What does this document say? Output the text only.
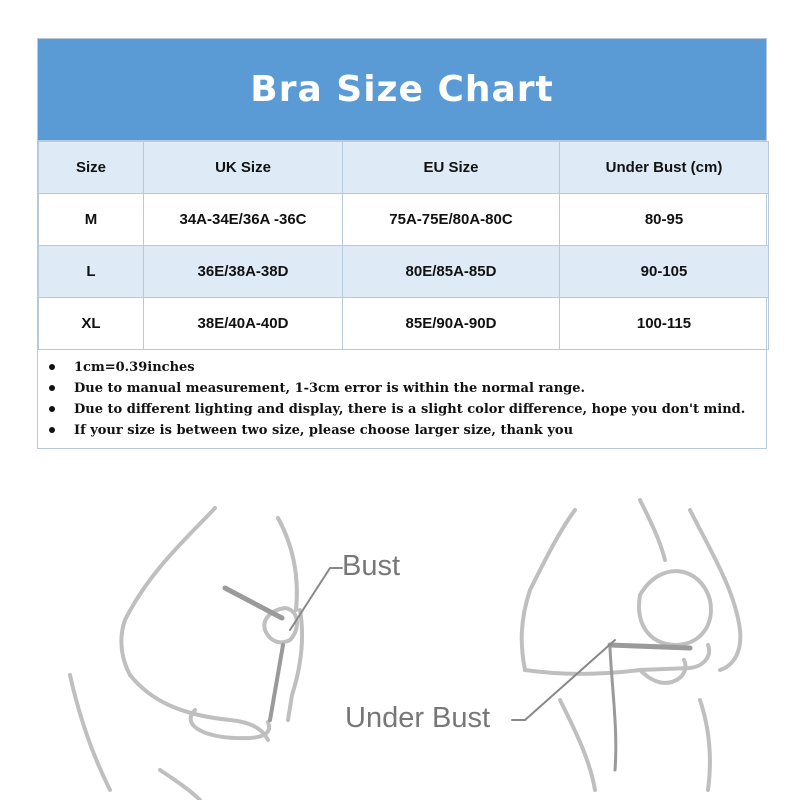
Bra Size Chart
Size	UK Size	EU Size	Under Bust (cm)
M	34A-34E/36A -36C	75A-75E/80A-80C	80-95
L	36E/38A-38D	80E/85A-85D	90-105
XL	38E/40A-40D	85E/90A-90D	100-115
1cm=0.39inches
Due to manual measurement, 1-3cm error is within the normal range.
Due to different lighting and display, there is a slight color difference, hope you don't mind.
If your size is between two size, please choose larger size, thank you
Bust
Under Bust
